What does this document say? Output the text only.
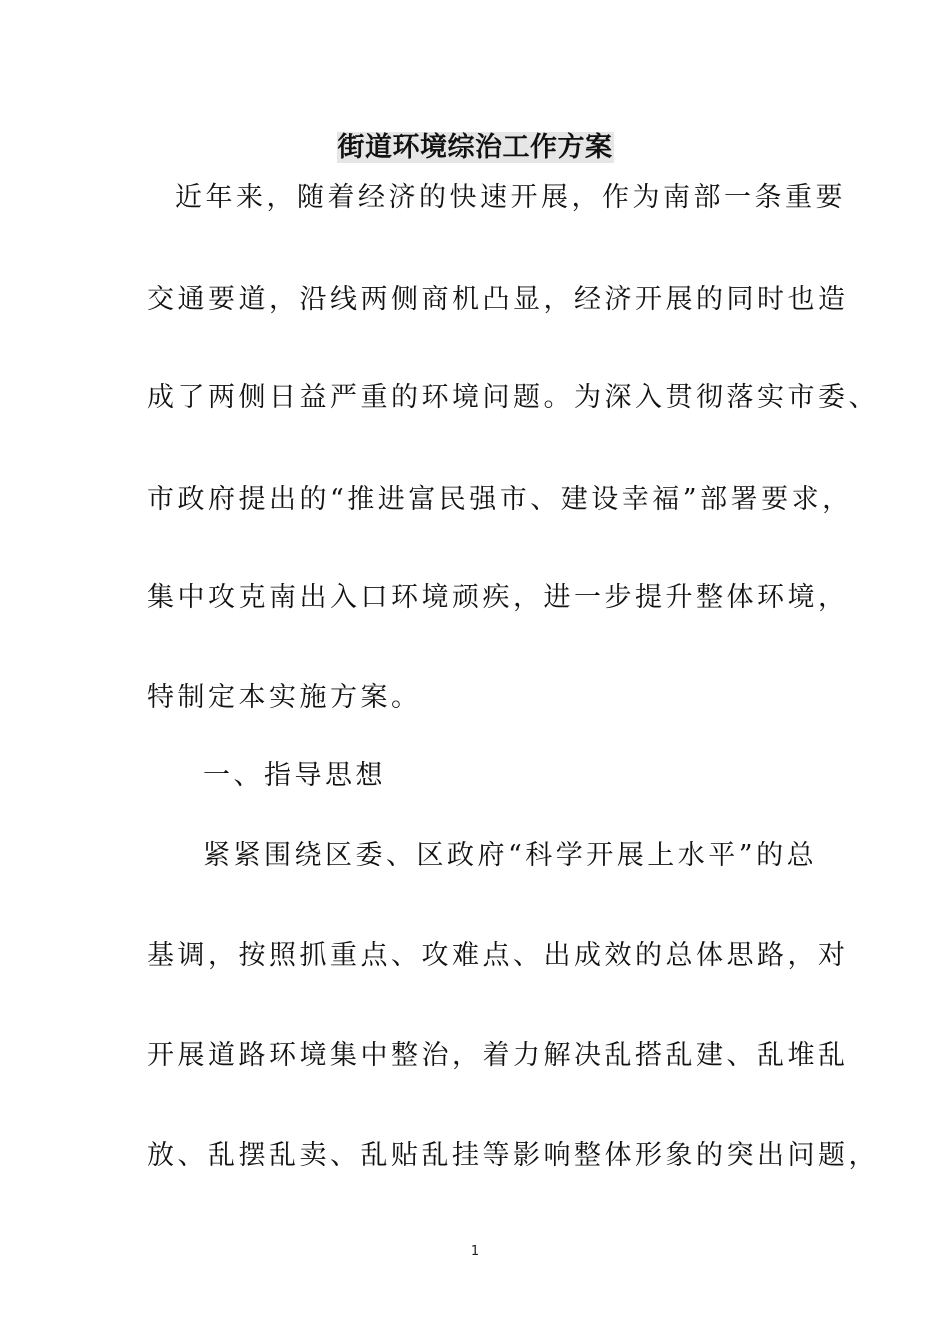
街道环境综治工作方案
近年来，随着经济的快速开展，作为南部一条重要
交通要道，沿线两侧商机凸显，经济开展的同时也造
成了两侧日益严重的环境问题。为深入贯彻落实市委、
市政府提出的“推进富民强市、建设幸福”部署要求，
集中攻克南出入口环境顽疾，进一步提升整体环境，
特制定本实施方案。
一、指导思想
紧紧围绕区委、区政府“科学开展上水平”的总
基调，按照抓重点、攻难点、出成效的总体思路，对
开展道路环境集中整治，着力解决乱搭乱建、乱堆乱
放、乱摆乱卖、乱贴乱挂等影响整体形象的突出问题，
1
